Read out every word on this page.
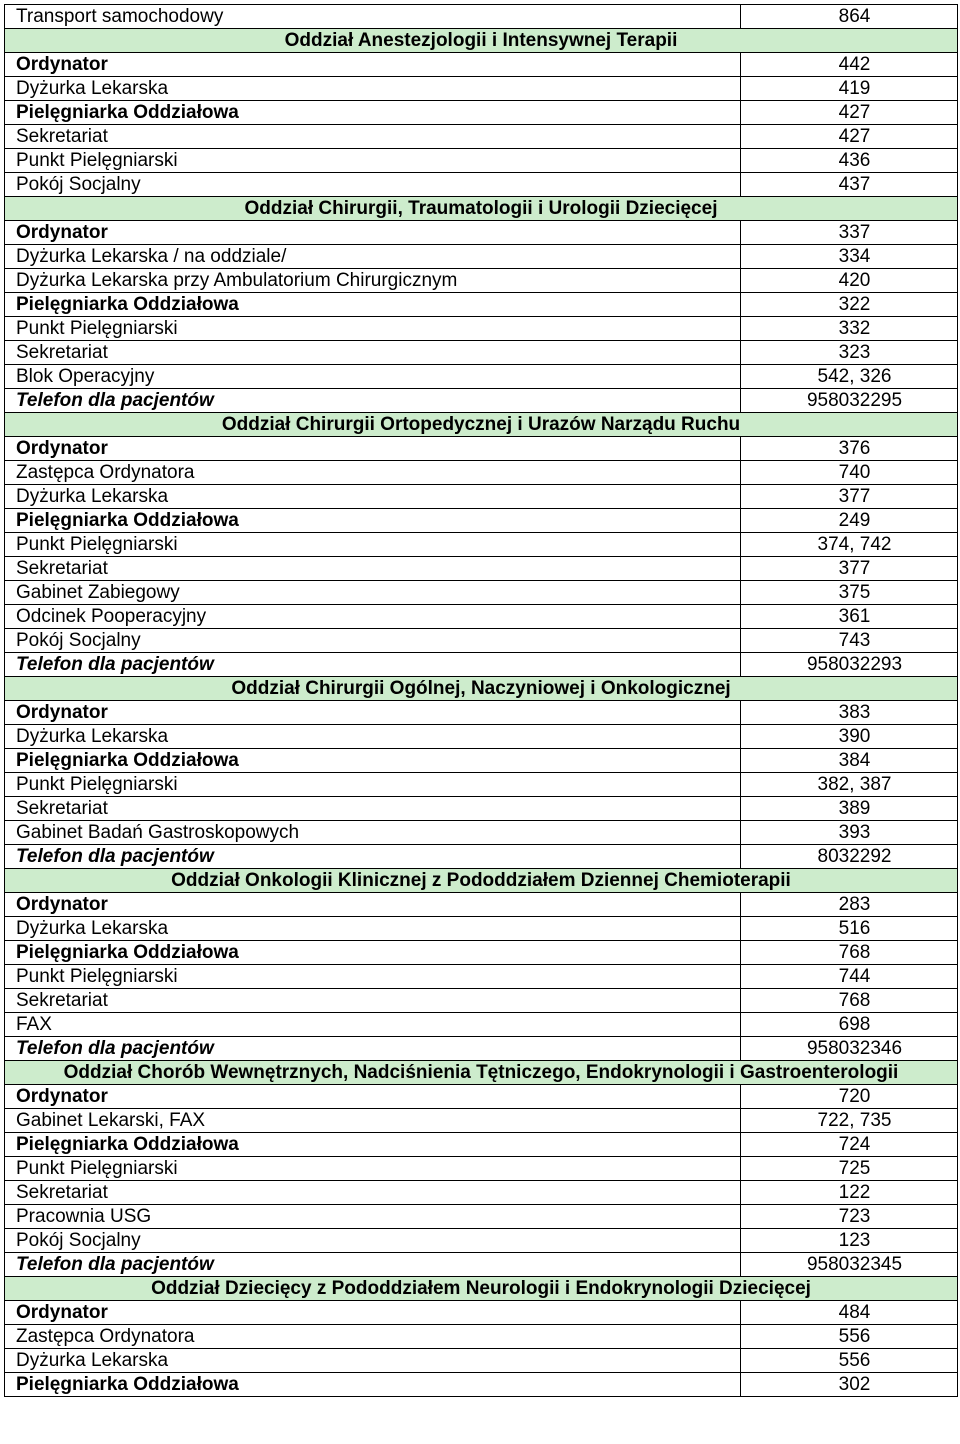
Transport samochodowy	864
Oddział Anestezjologii i Intensywnej Terapii	
Ordynator	442
Dyżurka Lekarska	419
Pielęgniarka Oddziałowa	427
Sekretariat	427
Punkt Pielęgniarski	436
Pokój Socjalny	437
Oddział Chirurgii, Traumatologii i Urologii Dziecięcej	
Ordynator	337
Dyżurka Lekarska / na oddziale/	334
Dyżurka Lekarska przy Ambulatorium Chirurgicznym	420
Pielęgniarka Oddziałowa	322
Punkt Pielęgniarski	332
Sekretariat	323
Blok Operacyjny	542, 326
Telefon dla pacjentów	958032295
Oddział Chirurgii Ortopedycznej i Urazów Narządu Ruchu	
Ordynator	376
Zastępca Ordynatora	740
Dyżurka Lekarska	377
Pielęgniarka Oddziałowa	249
Punkt Pielęgniarski	374, 742
Sekretariat	377
Gabinet Zabiegowy	375
Odcinek Pooperacyjny	361
Pokój Socjalny	743
Telefon dla pacjentów	958032293
Oddział Chirurgii Ogólnej, Naczyniowej i Onkologicznej	
Ordynator	383
Dyżurka Lekarska	390
Pielęgniarka Oddziałowa	384
Punkt Pielęgniarski	382, 387
Sekretariat	389
Gabinet Badań Gastroskopowych	393
Telefon dla pacjentów	8032292
Oddział Onkologii Klinicznej z Pododdziałem Dziennej Chemioterapii	
Ordynator	283
Dyżurka Lekarska	516
Pielęgniarka Oddziałowa	768
Punkt Pielęgniarski	744
Sekretariat	768
FAX	698
Telefon dla pacjentów	958032346
Oddział Chorób Wewnętrznych, Nadciśnienia Tętniczego, Endokrynologii i Gastroenterologii	
Ordynator	720
Gabinet Lekarski, FAX	722, 735
Pielęgniarka Oddziałowa	724
Punkt Pielęgniarski	725
Sekretariat	122
Pracownia USG	723
Pokój Socjalny	123
Telefon dla pacjentów	958032345
Oddział Dziecięcy z Pododdziałem Neurologii i Endokrynologii Dziecięcej	
Ordynator	484
Zastępca Ordynatora	556
Dyżurka Lekarska	556
Pielęgniarka Oddziałowa	302
